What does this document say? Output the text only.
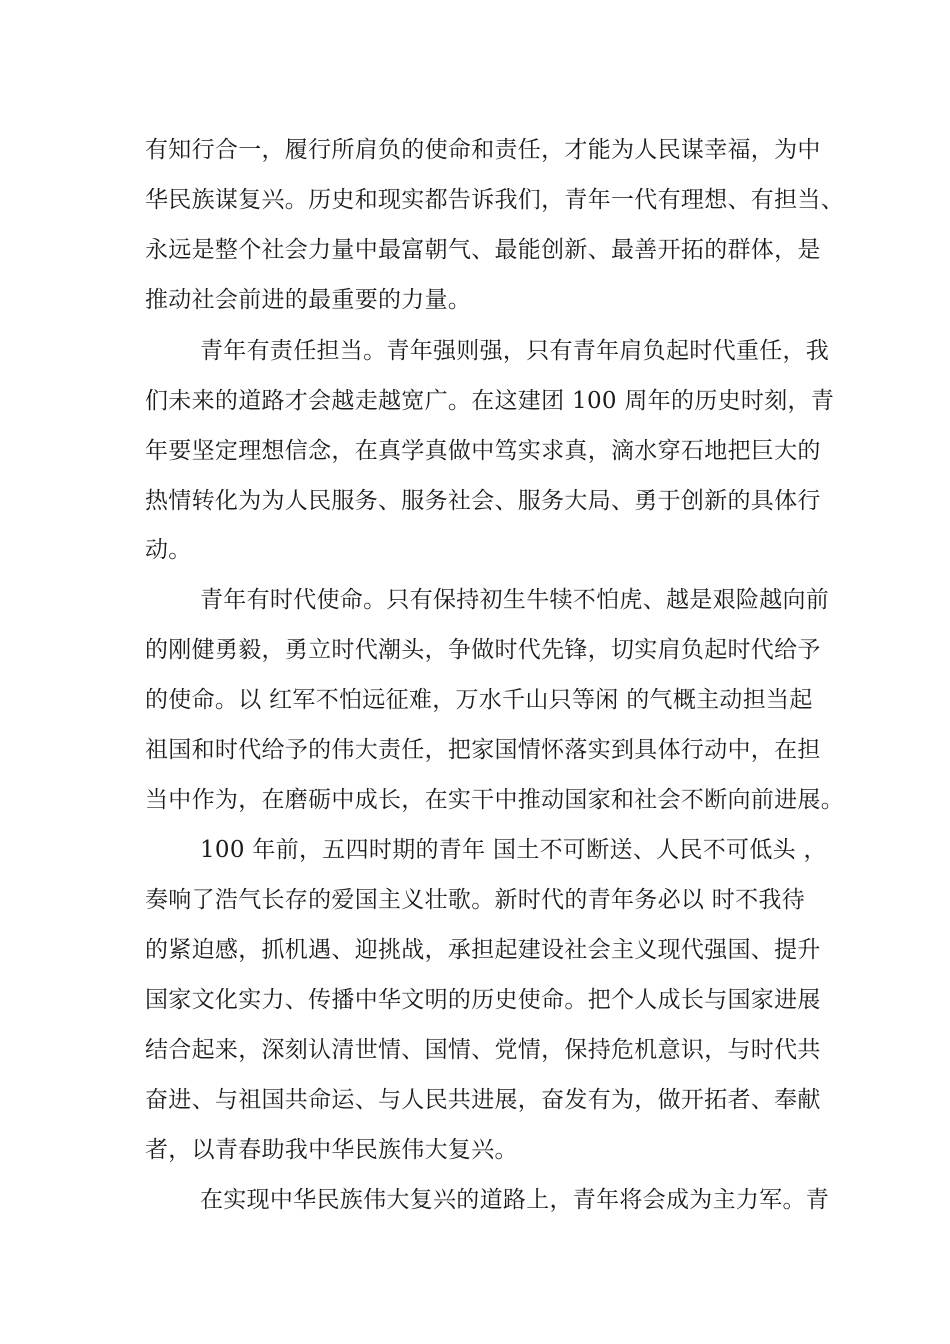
有知行合一，履行所肩负的使命和责任，才能为人民谋幸福，为中
华民族谋复兴。历史和现实都告诉我们，青年一代有理想、有担当、
永远是整个社会力量中最富朝气、最能创新、最善开拓的群体，是
推动社会前进的最重要的力量。
青年有责任担当。青年强则强，只有青年肩负起时代重任，我
们未来的道路才会越走越宽广。在这建团 100 周年的历史时刻，青
年要坚定理想信念，在真学真做中笃实求真，滴水穿石地把巨大的
热情转化为为人民服务、服务社会、服务大局、勇于创新的具体行
动。
青年有时代使命。只有保持初生牛犊不怕虎、越是艰险越向前
的刚健勇毅，勇立时代潮头，争做时代先锋，切实肩负起时代给予
的使命。以 红军不怕远征难，万水千山只等闲 的气概主动担当起
祖国和时代给予的伟大责任，把家国情怀落实到具体行动中，在担
当中作为，在磨砺中成长，在实干中推动国家和社会不断向前进展。
100 年前，五四时期的青年 国土不可断送、人民不可低头 ，
奏响了浩气长存的爱国主义壮歌。新时代的青年务必以 时不我待
的紧迫感，抓机遇、迎挑战，承担起建设社会主义现代强国、提升
国家文化实力、传播中华文明的历史使命。把个人成长与国家进展
结合起来，深刻认清世情、国情、党情，保持危机意识，与时代共
奋进、与祖国共命运、与人民共进展，奋发有为，做开拓者、奉献
者，以青春助我中华民族伟大复兴。
在实现中华民族伟大复兴的道路上，青年将会成为主力军。青
